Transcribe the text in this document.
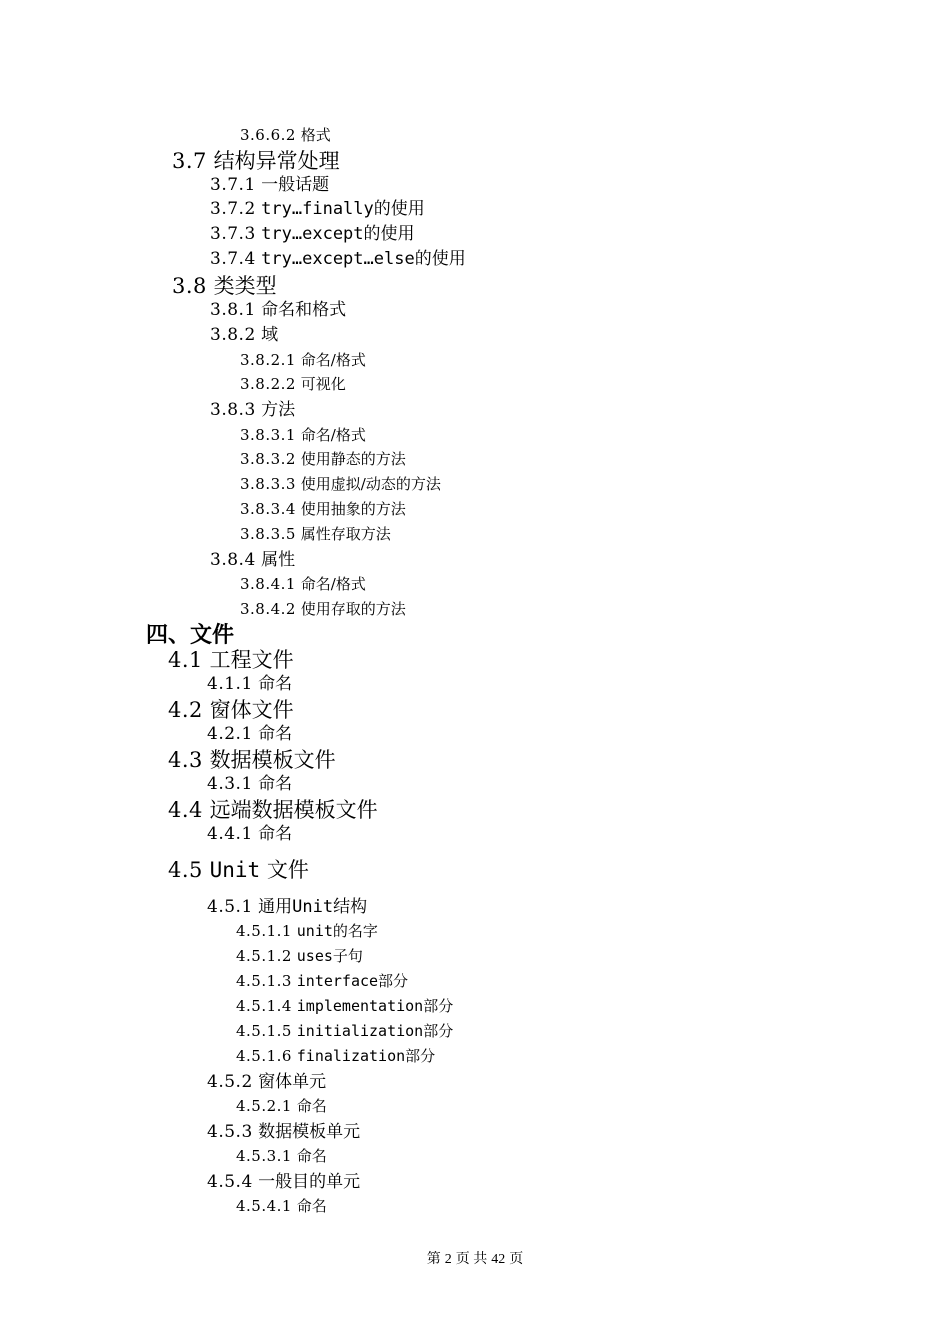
3.6.6.2 格式
3.7 结构异常处理
3.7.1 一般话题
3.7.2 try…finally的使用
3.7.3 try…except的使用
3.7.4 try…except…else的使用
3.8 类类型
3.8.1 命名和格式
3.8.2 域
3.8.2.1 命名/格式
3.8.2.2 可视化
3.8.3 方法
3.8.3.1 命名/格式
3.8.3.2 使用静态的方法
3.8.3.3 使用虚拟/动态的方法
3.8.3.4 使用抽象的方法
3.8.3.5 属性存取方法
3.8.4 属性
3.8.4.1 命名/格式
3.8.4.2 使用存取的方法
四、文件
4.1 工程文件
4.1.1 命名
4.2 窗体文件
4.2.1 命名
4.3 数据模板文件
4.3.1 命名
4.4 远端数据模板文件
4.4.1 命名
4.5 Unit 文件
4.5.1 通用Unit结构
4.5.1.1 unit的名字
4.5.1.2 uses子句
4.5.1.3 interface部分
4.5.1.4 implementation部分
4.5.1.5 initialization部分
4.5.1.6 finalization部分
4.5.2 窗体单元
4.5.2.1 命名
4.5.3 数据模板单元
4.5.3.1 命名
4.5.4 一般目的单元
4.5.4.1 命名
第 2 页 共 42 页
